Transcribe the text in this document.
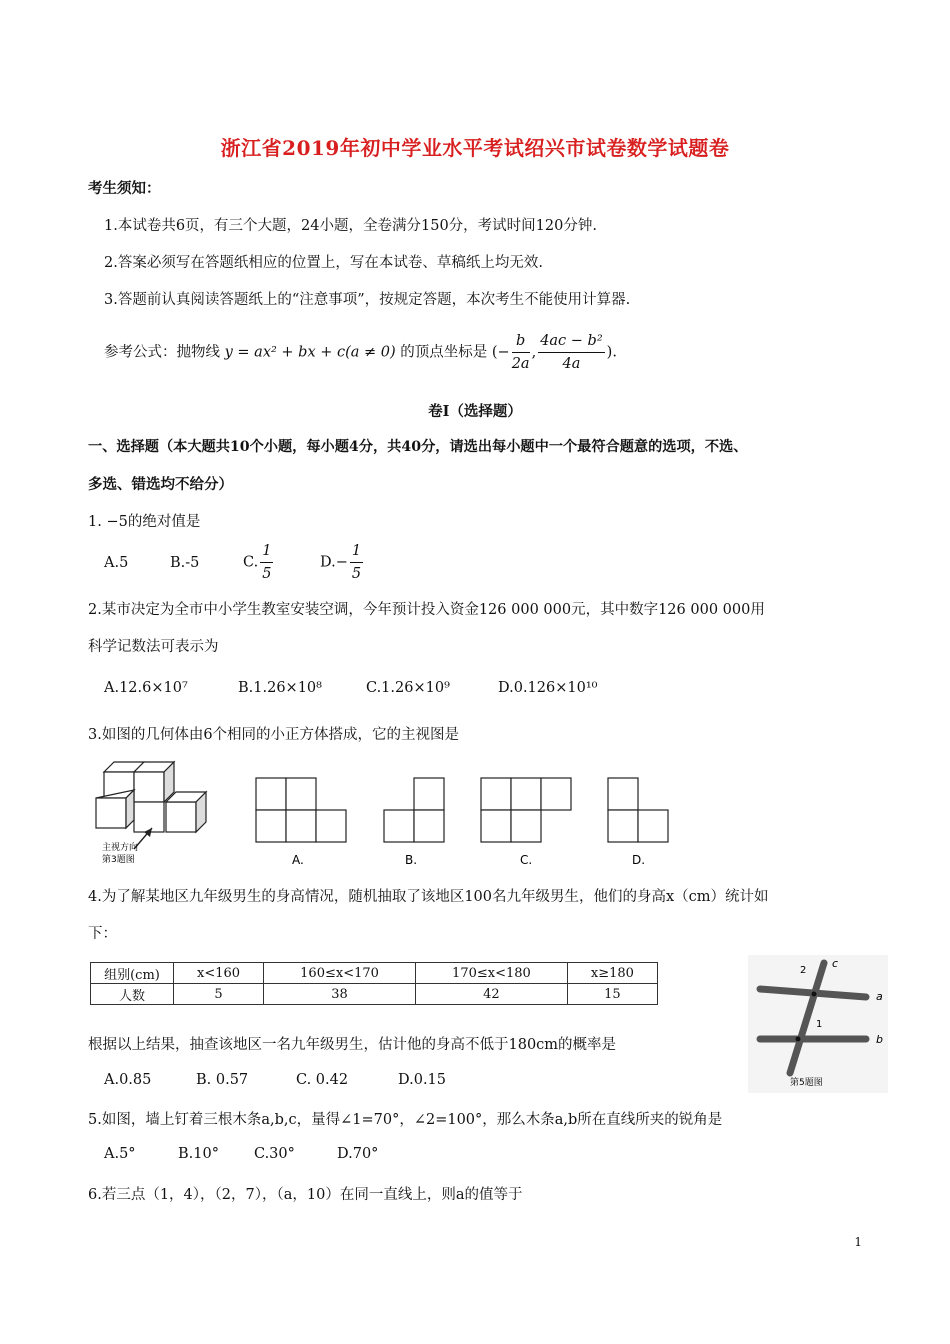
浙江省2019年初中学业水平考试绍兴市试卷数学试题卷
考生须知：
1.本试卷共6页，有三个大题，24小题，全卷满分150分，考试时间120分钟.
2.答案必须写在答题纸相应的位置上，写在本试卷、草稿纸上均无效.
3.答题前认真阅读答题纸上的“注意事项”，按规定答题，本次考生不能使用计算器.
参考公式：抛物线 y = ax² + bx + c(a ≠ 0) 的顶点坐标是 (− $\frac{b}{2a}$ , $\frac{\text{4ac − b²}}{4a}$ ).
卷Ⅰ（选择题）
一、选择题（本大题共10个小题，每小题4分，共40分，请选出每小题中一个最符合题意的选项，不选、
多选、错选均不给分）
1. −5的绝对值是
A.5	B.-5	C. $\frac{1}{5}$	$D.- \frac{1}{5}$
2.某市决定为全市中小学生教室安装空调，今年预计投入资金126 000 000元，其中数字126 000 000用
科学记数法可表示为
A.12.6×10⁷	B.1.26×10⁸	C.1.26×10⁹	D.0.126×10¹⁰
3.如图的几何体由6个相同的小正方体搭成，它的主视图是
主视方向
第3题图	A.	B.	C.	D.
4.为了解某地区九年级男生的身高情况，随机抽取了该地区100名九年级男生，他们的身高x（cm）统计如
下：
组别(cm)	x<160	160≤x<170	170≤x<180	x≥180
人数	5	38	42	15
根据以上结果，抽查该地区一名九年级男生，估计他的身高不低于180cm的概率是
A.0.85	B. 0.57	C. 0.42	D.0.15
a
b
c
1
2
第5题图
5.如图，墙上钉着三根木条a,b,c，量得∠1=70°，∠2=100°，那么木条a,b所在直线所夹的锐角是
A.5°	B.10° C.30°	D.70°
6.若三点（1，4），（2，7），（a，10）在同一直线上，则a的值等于
1
